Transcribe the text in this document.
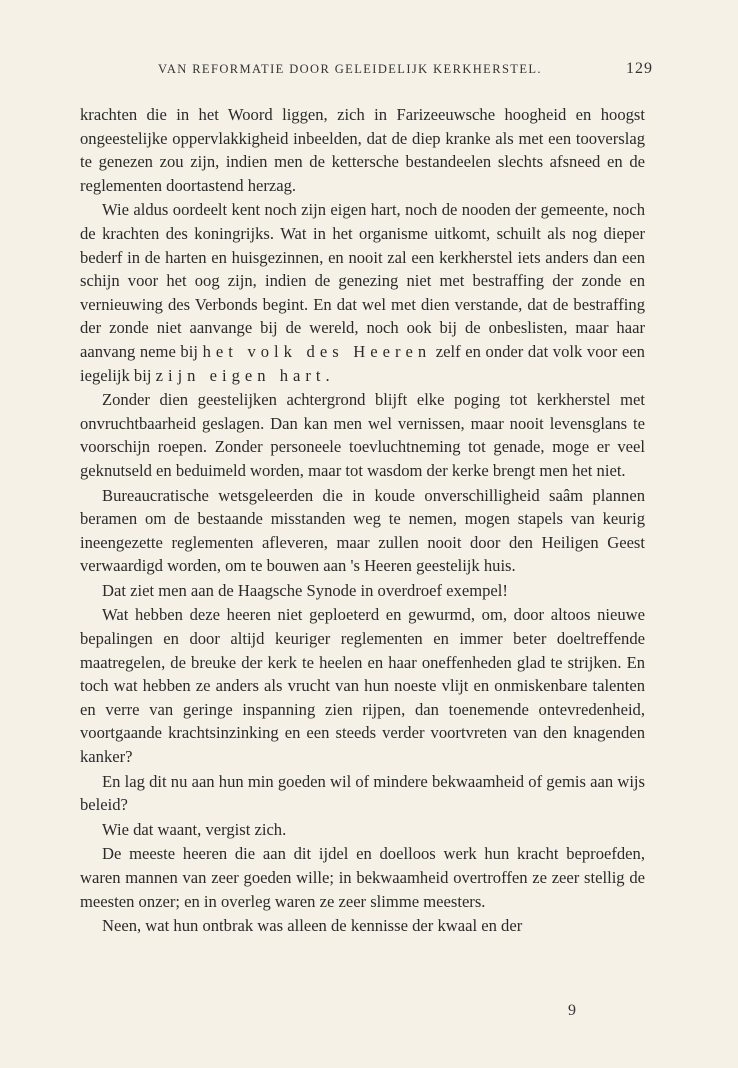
VAN REFORMATIE DOOR GELEIDELIJK KERKHERSTEL.	129

krachten die in het Woord liggen, zich in Farizeeuwsche hoogheid en hoogst ongeestelijke oppervlakkigheid inbeelden, dat de diep kranke als met een tooverslag te genezen zou zijn, indien men de kettersche bestandeelen slechts afsneed en de reglementen doortastend herzag.

Wie aldus oordeelt kent noch zijn eigen hart, noch de nooden der gemeente, noch de krachten des koningrijks. Wat in het organisme uitkomt, schuilt als nog dieper bederf in de harten en huisgezinnen, en nooit zal een kerkherstel iets anders dan een schijn voor het oog zijn, indien de genezing niet met bestraffing der zonde en vernieuwing des Verbonds begint. En dat wel met dien verstande, dat de bestraffing der zonde niet aanvange bij de wereld, noch ook bij de onbeslisten, maar haar aanvang neme bij het volk des Heeren zelf en onder dat volk voor een iegelijk bij zijn eigen hart.

Zonder dien geestelijken achtergrond blijft elke poging tot kerkherstel met onvruchtbaarheid geslagen. Dan kan men wel vernissen, maar nooit levensglans te voorschijn roepen. Zonder personeele toevluchtneming tot genade, moge er veel geknutseld en beduimeld worden, maar tot wasdom der kerke brengt men het niet.

Bureaucratische wetsgeleerden die in koude onverschilligheid saâm plannen beramen om de bestaande misstanden weg te nemen, mogen stapels van keurig ineengezette reglementen afleveren, maar zullen nooit door den Heiligen Geest verwaardigd worden, om te bouwen aan 's Heeren geestelijk huis.

Dat ziet men aan de Haagsche Synode in overdroef exempel!

Wat hebben deze heeren niet geploeterd en gewurmd, om, door altoos nieuwe bepalingen en door altijd keuriger reglementen en immer beter doeltreffende maatregelen, de breuke der kerk te heelen en haar oneffenheden glad te strijken. En toch wat hebben ze anders als vrucht van hun noeste vlijt en onmiskenbare talenten en verre van geringe inspanning zien rijpen, dan toenemende ontevredenheid, voortgaande krachtsinzinking en een steeds verder voortvreten van den knagenden kanker?

En lag dit nu aan hun min goeden wil of mindere bekwaamheid of gemis aan wijs beleid?

Wie dat waant, vergist zich.

De meeste heeren die aan dit ijdel en doelloos werk hun kracht beproefden, waren mannen van zeer goeden wille; in bekwaamheid overtroffen ze zeer stellig de meesten onzer; en in overleg waren ze zeer slimme meesters.

Neen, wat hun ontbrak was alleen de kennisse der kwaal en der

9
